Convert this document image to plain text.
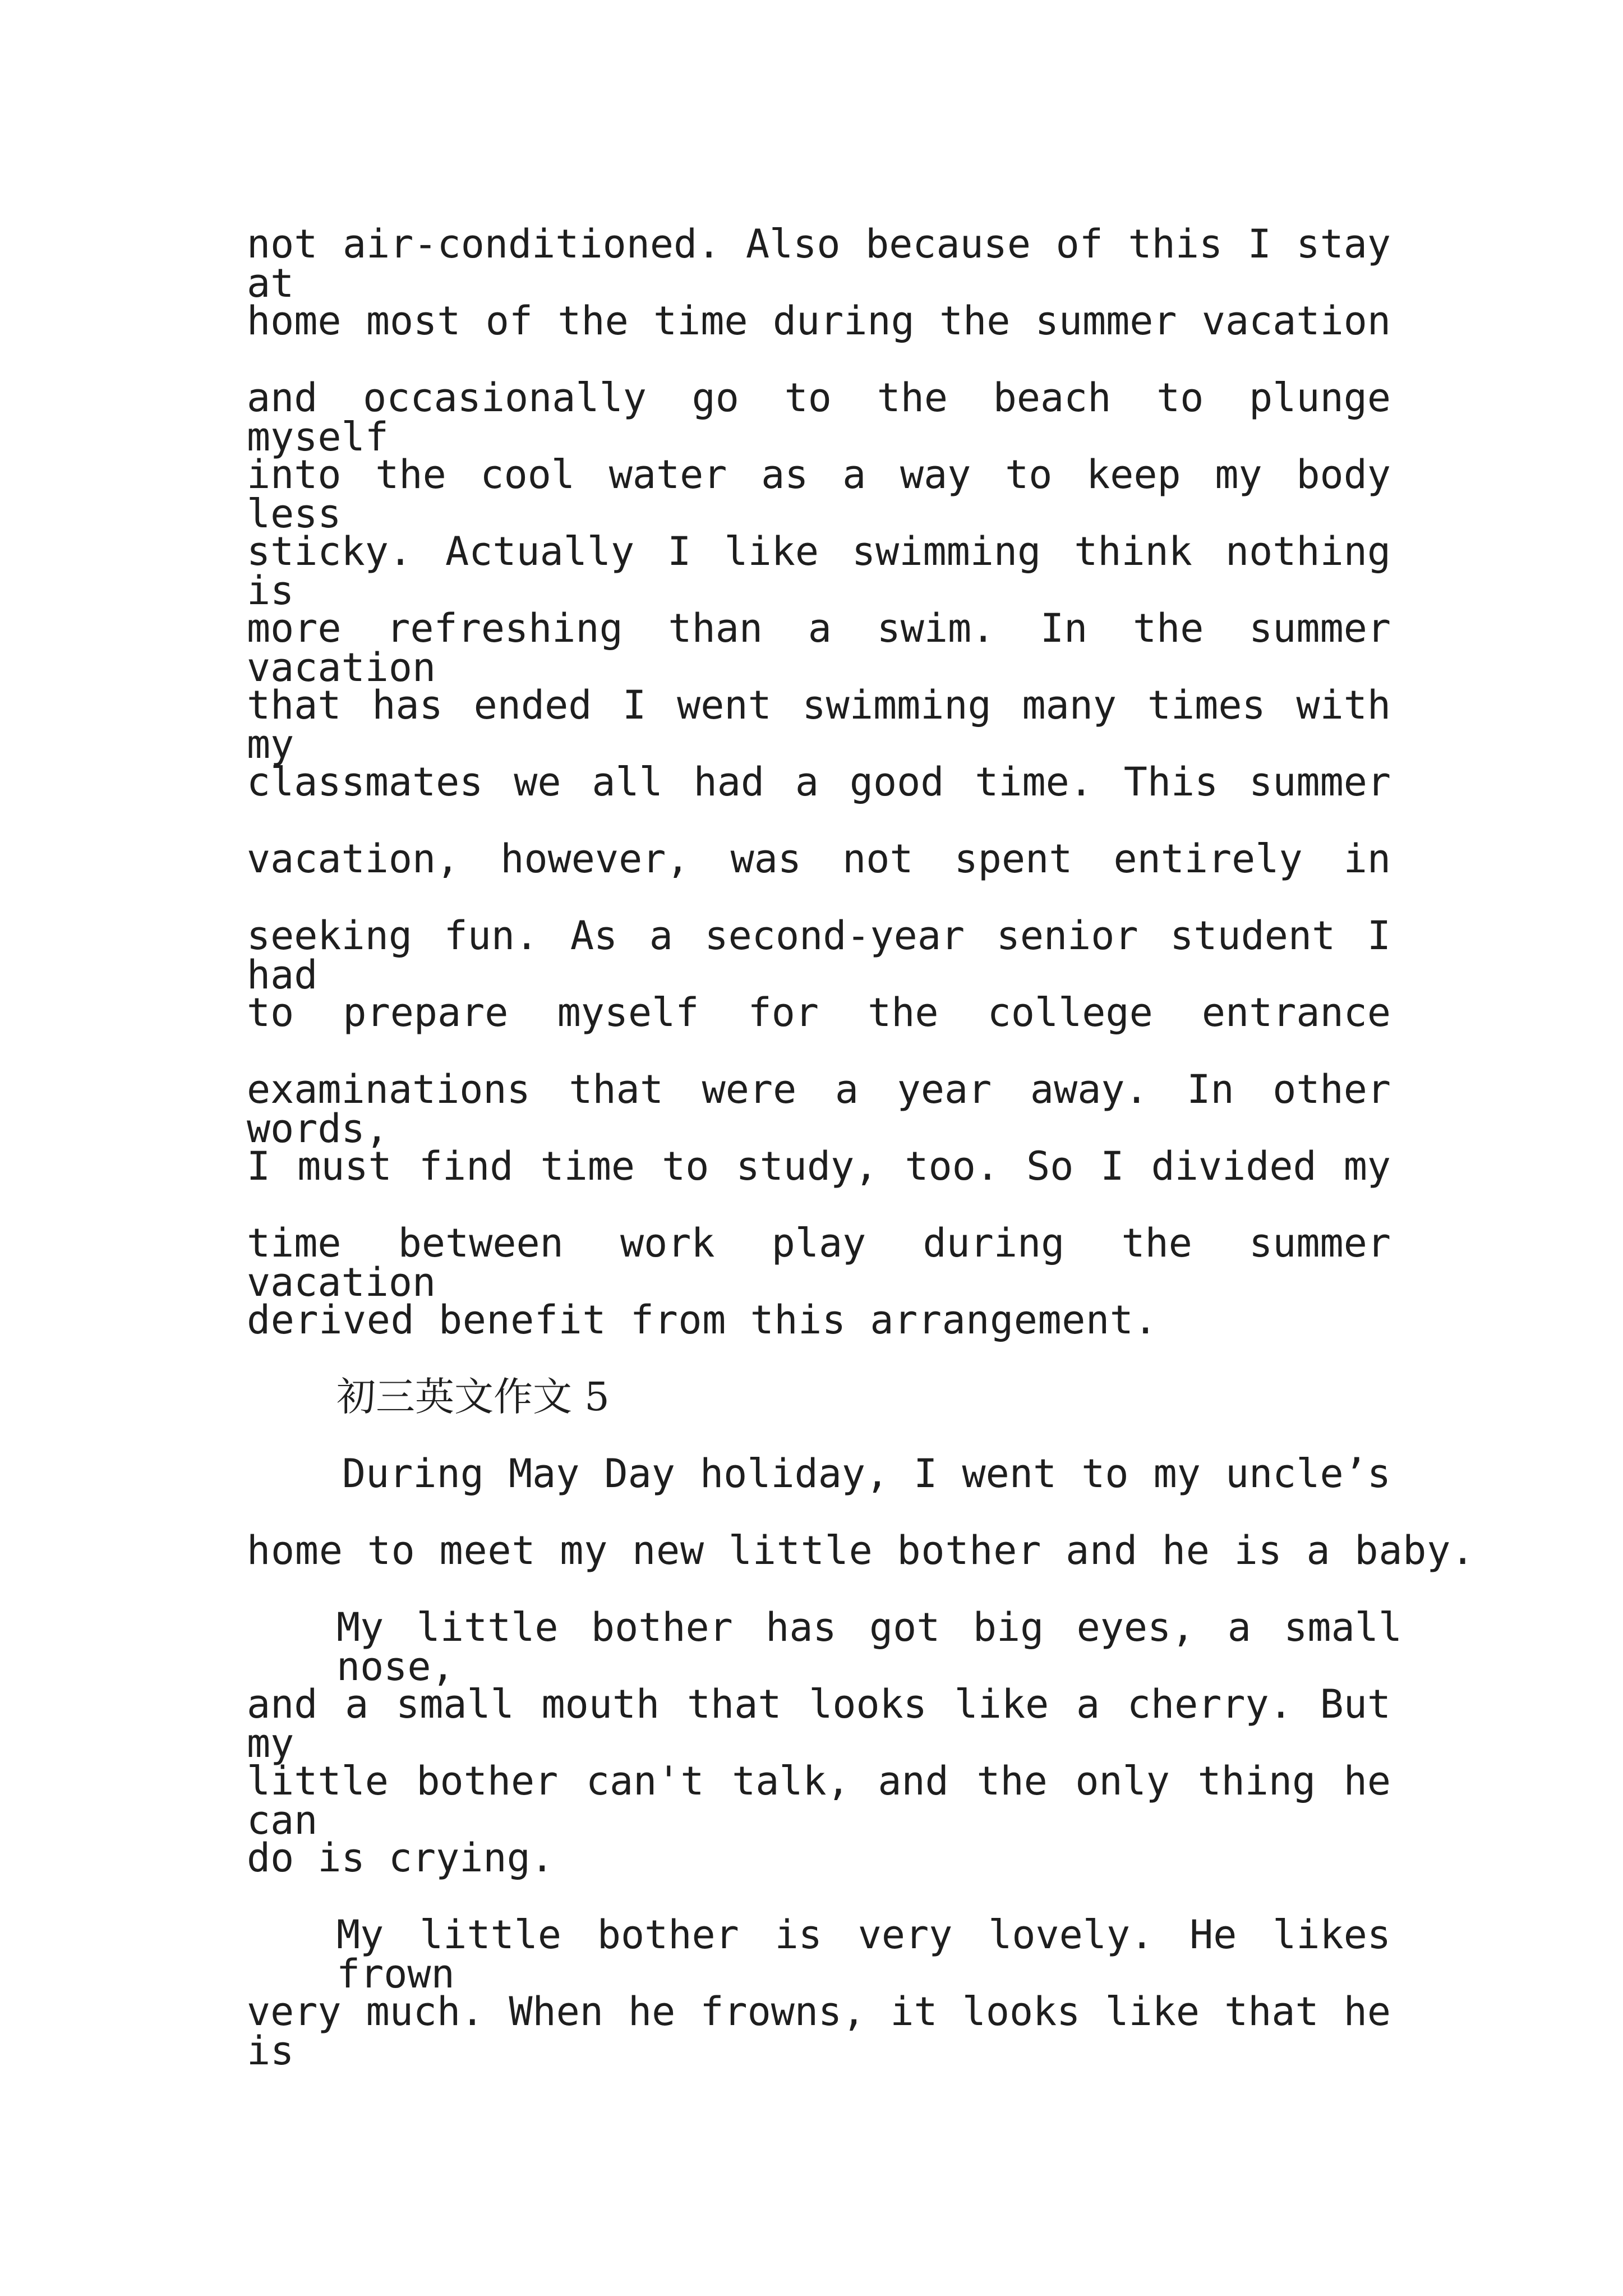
not air-conditioned. Also because of this I stay at
home most of the time during the summer vacation
and occasionally go to the beach to plunge myself
into the cool water as a way to keep my body less
sticky. Actually I like swimming think nothing is
more refreshing than a swim. In the summer vacation
that has ended I went swimming many times with my
classmates we all had a good time. This summer
vacation, however, was not spent entirely in
seeking fun. As a second-year senior student I had
to prepare myself for the college entrance
examinations that were a year away. In other words,
I must find time to study, too. So I divided my
time between work play during the summer vacation
derived benefit from this arrangement.
初三英文作文 5
During May Day holiday, I went to my uncle’s
home to meet my new little bother and he is a baby.
My little bother has got big eyes, a small nose,
and a small mouth that looks like a cherry. But my
little bother can't talk, and the only thing he can
do is crying.
My little bother is very lovely. He likes frown
very much. When he frowns, it looks like that he is
